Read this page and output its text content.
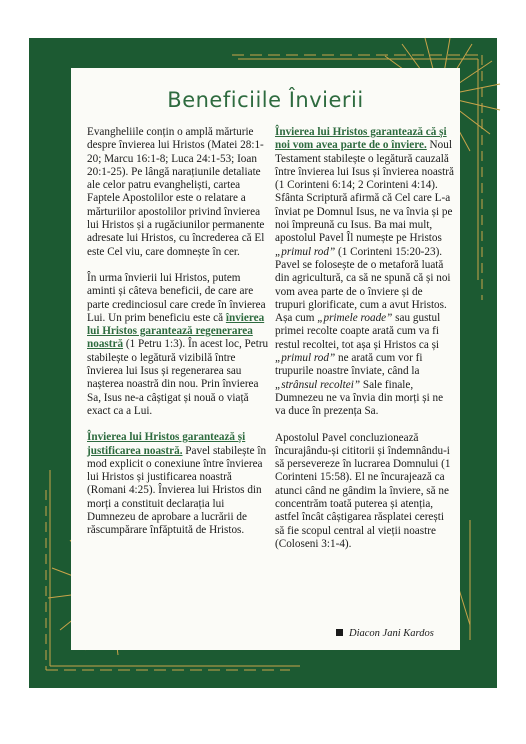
Beneficiile Învierii

Evangheliile conțin o amplă mărturie despre învierea lui Hristos (Matei 28:1-20; Marcu 16:1-8; Luca 24:1-53; Ioan 20:1-25). Pe lângă narațiunile detaliate ale celor patru evangheliști, cartea Faptele Apostolilor este o relatare a mărturiilor apostolilor privind învierea lui Hristos și a rugăciunilor permanente adresate lui Hristos, cu încrederea că El este Cel viu, care domnește în cer.

În urma învierii lui Hristos, putem aminti și câteva beneficii, de care are parte credinciosul care crede în învierea Lui. Un prim beneficiu este că învierea lui Hristos garantează regenerarea noastră (1 Petru 1:3). În acest loc, Petru stabilește o legătură vizibilă între învierea lui Isus și regenerarea sau nașterea noastră din nou. Prin învierea Sa, Isus ne-a câștigat și nouă o viață exact ca a Lui.

Învierea lui Hristos garantează și justificarea noastră. Pavel stabilește în mod explicit o conexiune între învierea lui Hristos și justificarea noastră (Romani 4:25). Învierea lui Hristos din morți a constituit declarația lui Dumnezeu de aprobare a lucrării de răscumpărare înfăptuită de Hristos.

Învierea lui Hristos garantează că și noi vom avea parte de o înviere. Noul Testament stabilește o legătură cauzală între învierea lui Isus și învierea noastră (1 Corinteni 6:14; 2 Corinteni 4:14). Sfânta Scriptură afirmă că Cel care L-a înviat pe Domnul Isus, ne va învia și pe noi împreună cu Isus. Ba mai mult, apostolul Pavel Îl numește pe Hristos „primul rod” (1 Corinteni 15:20-23). Pavel se folosește de o metaforă luată din agricultură, ca să ne spună că și noi vom avea parte de o înviere și de trupuri glorificate, cum a avut Hristos. Așa cum „primele roade” sau gustul primei recolte coapte arată cum va fi restul recoltei, tot așa și Hristos ca și „primul rod” ne arată cum vor fi trupurile noastre înviate, când la „strânsul recoltei” Sale finale, Dumnezeu ne va învia din morți și ne va duce în prezența Sa.

Apostolul Pavel concluzionează încurajându-și cititorii și îndemnându-i să persevereze în lucrarea Domnului (1 Corinteni 15:58). El ne încurajează ca atunci când ne gândim la înviere, să ne concentrăm toată puterea și atenția, astfel încât câștigarea răsplatei cerești să fie scopul central al vieții noastre (Coloseni 3:1-4).

Diacon Jani Kardos
